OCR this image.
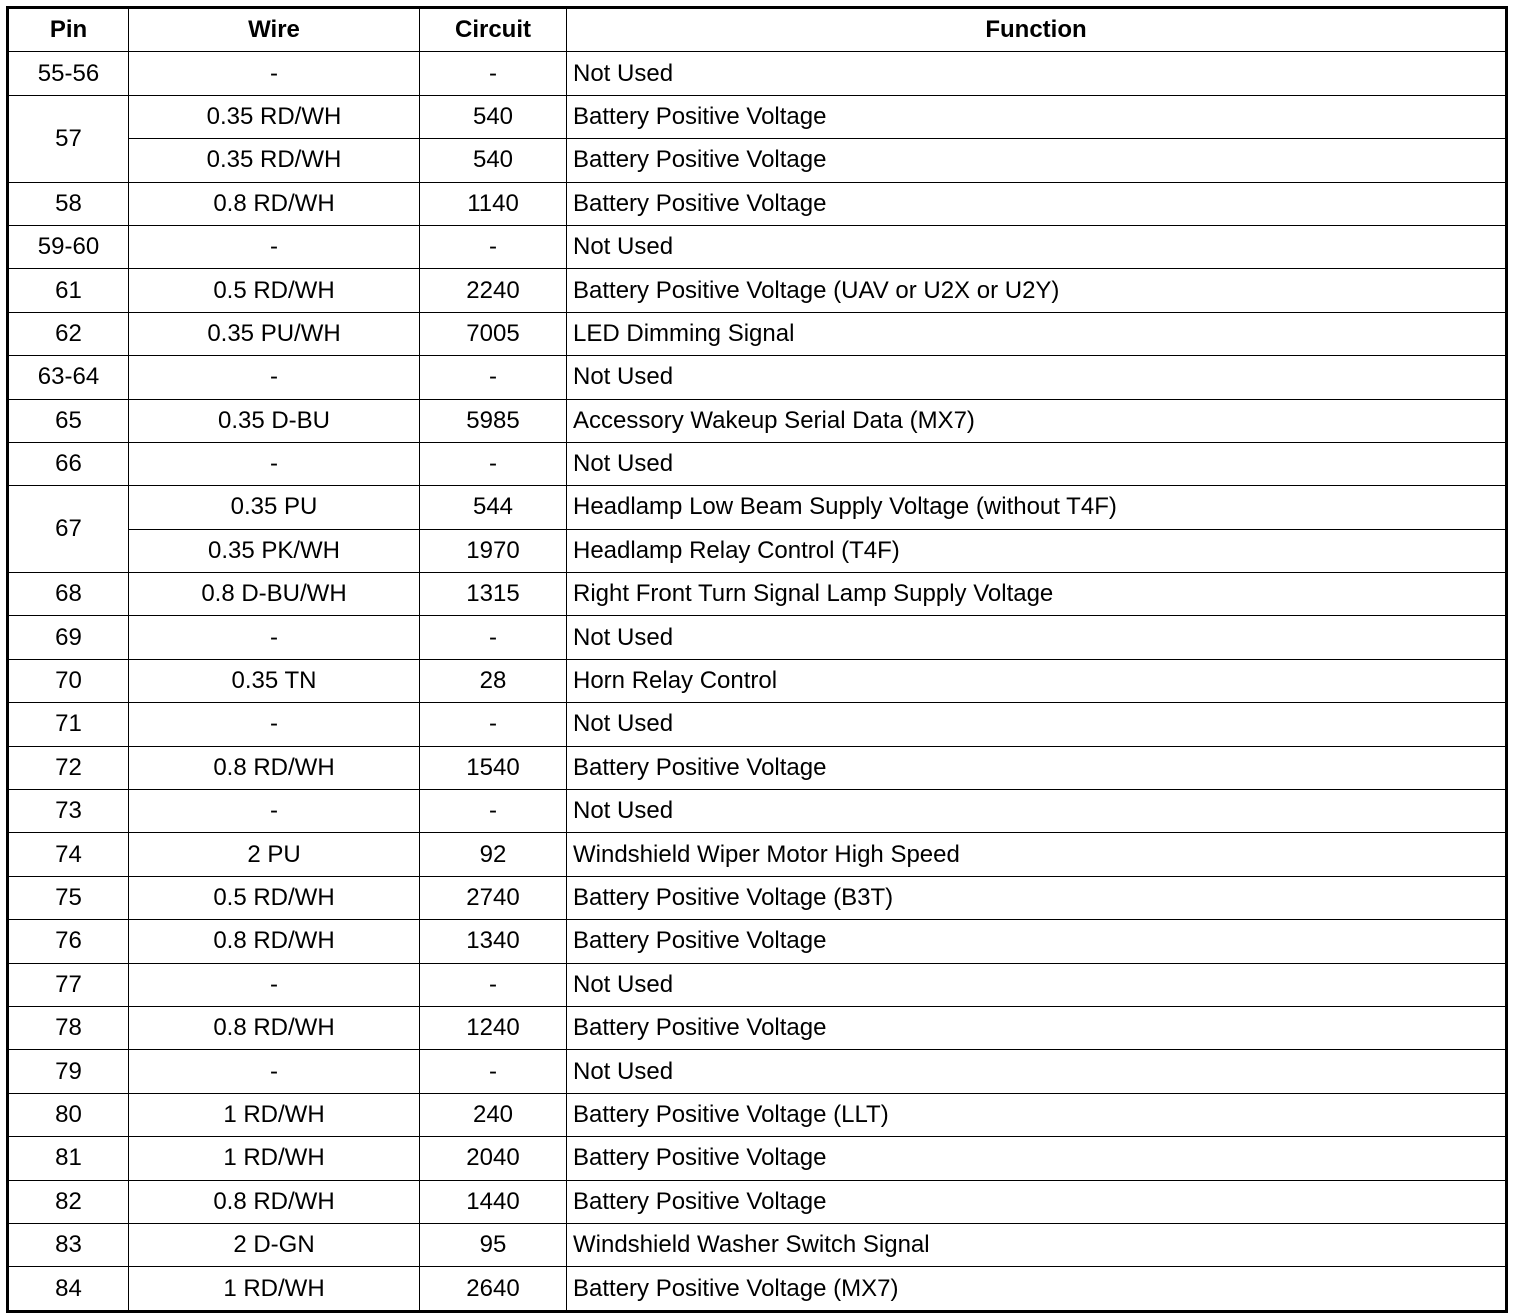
Pin	Wire	Circuit	Function
55-56	-	-	Not Used
57	0.35 RD/WH	540	Battery Positive Voltage
	0.35 RD/WH	540	Battery Positive Voltage
58	0.8 RD/WH	1140	Battery Positive Voltage
59-60	-	-	Not Used
61	0.5 RD/WH	2240	Battery Positive Voltage (UAV or U2X or U2Y)
62	0.35 PU/WH	7005	LED Dimming Signal
63-64	-	-	Not Used
65	0.35 D-BU	5985	Accessory Wakeup Serial Data (MX7)
66	-	-	Not Used
67	0.35 PU	544	Headlamp Low Beam Supply Voltage (without T4F)
	0.35 PK/WH	1970	Headlamp Relay Control (T4F)
68	0.8 D-BU/WH	1315	Right Front Turn Signal Lamp Supply Voltage
69	-	-	Not Used
70	0.35 TN	28	Horn Relay Control
71	-	-	Not Used
72	0.8 RD/WH	1540	Battery Positive Voltage
73	-	-	Not Used
74	2 PU	92	Windshield Wiper Motor High Speed
75	0.5 RD/WH	2740	Battery Positive Voltage (B3T)
76	0.8 RD/WH	1340	Battery Positive Voltage
77	-	-	Not Used
78	0.8 RD/WH	1240	Battery Positive Voltage
79	-	-	Not Used
80	1 RD/WH	240	Battery Positive Voltage (LLT)
81	1 RD/WH	2040	Battery Positive Voltage
82	0.8 RD/WH	1440	Battery Positive Voltage
83	2 D-GN	95	Windshield Washer Switch Signal
84	1 RD/WH	2640	Battery Positive Voltage (MX7)
